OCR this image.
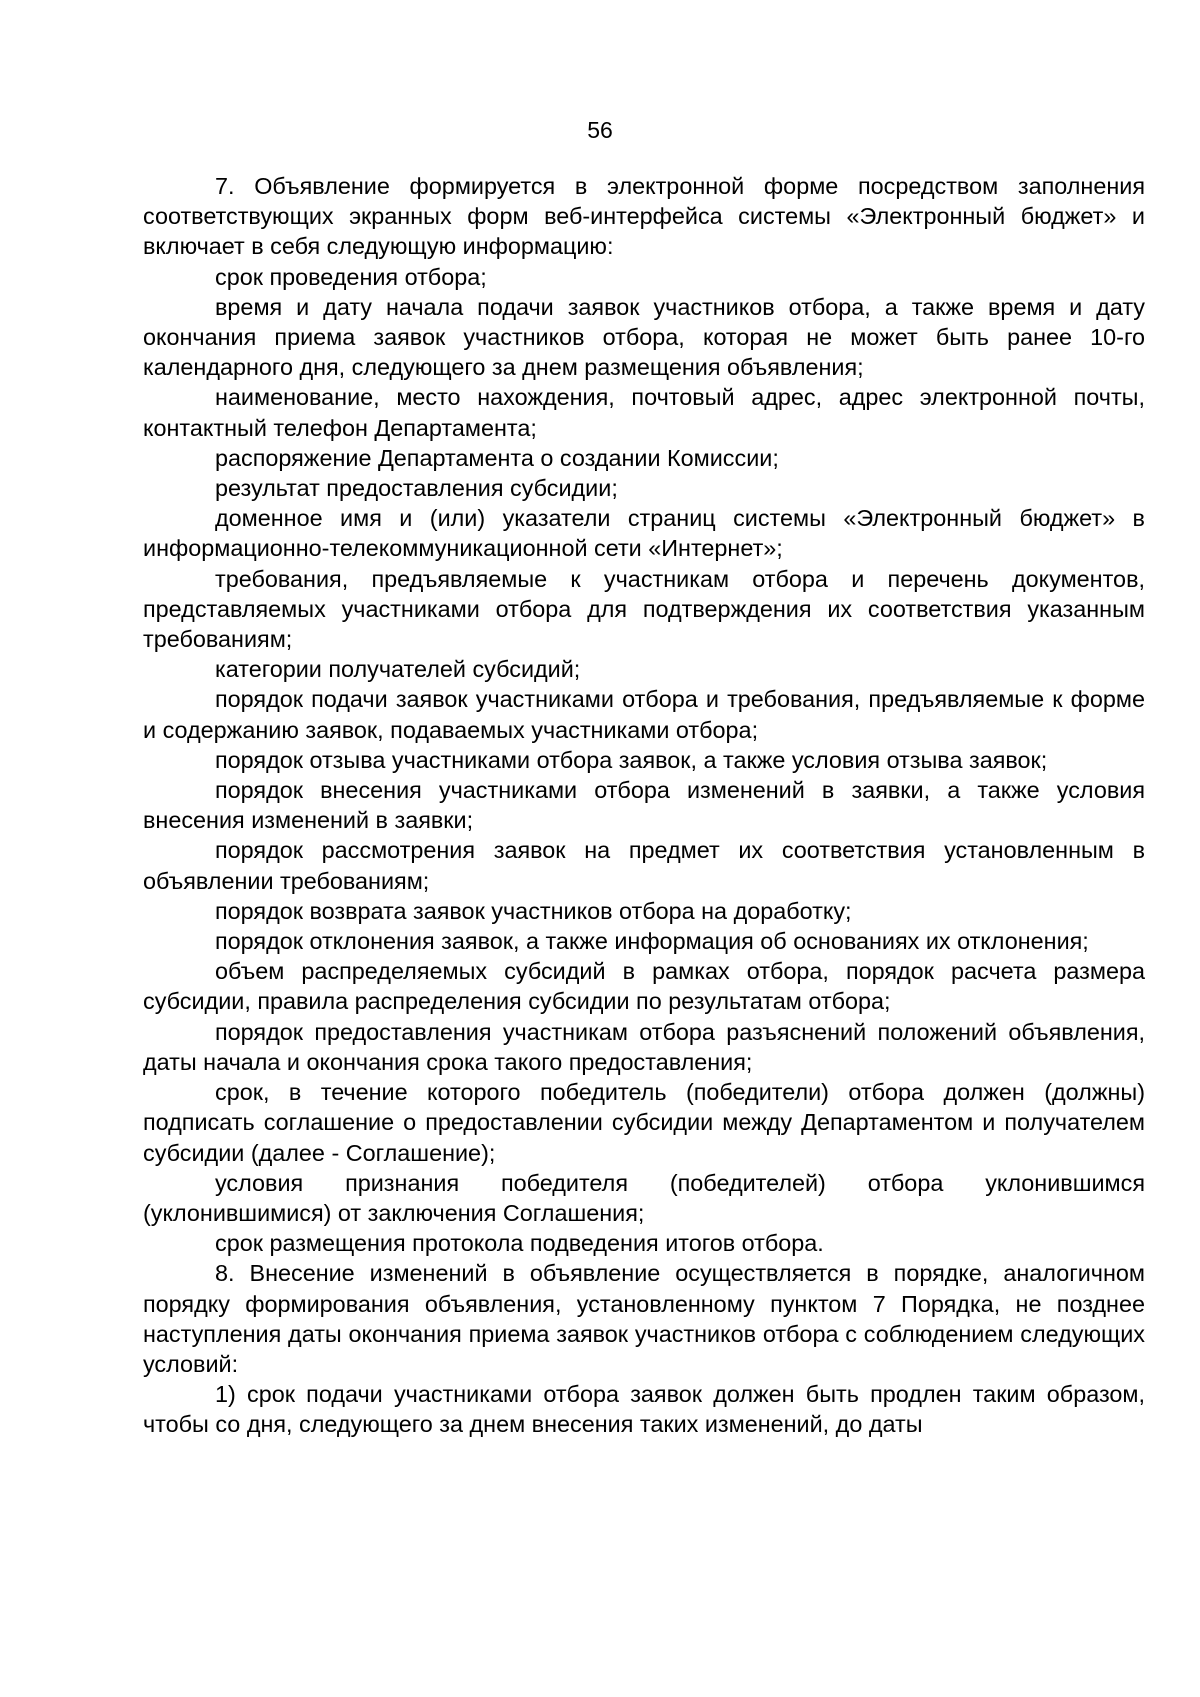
56

7. Объявление формируется в электронной форме посредством заполнения соответствующих экранных форм веб-интерфейса системы «Электронный бюджет» и включает в себя следующую информацию:

срок проведения отбора;

время и дату начала подачи заявок участников отбора, а также время и дату окончания приема заявок участников отбора, которая не может быть ранее 10-го календарного дня, следующего за днем размещения объявления;

наименование, место нахождения, почтовый адрес, адрес электронной почты, контактный телефон Департамента;

распоряжение Департамента о создании Комиссии;

результат предоставления субсидии;

доменное имя и (или) указатели страниц системы «Электронный бюджет» в информационно-телекоммуникационной сети «Интернет»;

требования, предъявляемые к участникам отбора и перечень документов, представляемых участниками отбора для подтверждения их соответствия указанным требованиям;

категории получателей субсидий;

порядок подачи заявок участниками отбора и требования, предъявляемые к форме и содержанию заявок, подаваемых участниками отбора;

порядок отзыва участниками отбора заявок, а также условия отзыва заявок;

порядок внесения участниками отбора изменений в заявки, а также условия внесения изменений в заявки;

порядок рассмотрения заявок на предмет их соответствия установленным в объявлении требованиям;

порядок возврата заявок участников отбора на доработку;

порядок отклонения заявок, а также информация об основаниях их отклонения;

объем распределяемых субсидий в рамках отбора, порядок расчета размера субсидии, правила распределения субсидии по результатам отбора;

порядок предоставления участникам отбора разъяснений положений объявления, даты начала и окончания срока такого предоставления;

срок, в течение которого победитель (победители) отбора должен (должны) подписать соглашение о предоставлении субсидии между Департаментом и получателем субсидии (далее - Соглашение);

условия признания победителя (победителей) отбора уклонившимся (уклонившимися) от заключения Соглашения;

срок размещения протокола подведения итогов отбора.

8. Внесение изменений в объявление осуществляется в порядке, аналогичном порядку формирования объявления, установленному пунктом 7 Порядка, не позднее наступления даты окончания приема заявок участников отбора с соблюдением следующих условий:

1) срок подачи участниками отбора заявок должен быть продлен таким образом, чтобы со дня, следующего за днем внесения таких изменений, до даты
